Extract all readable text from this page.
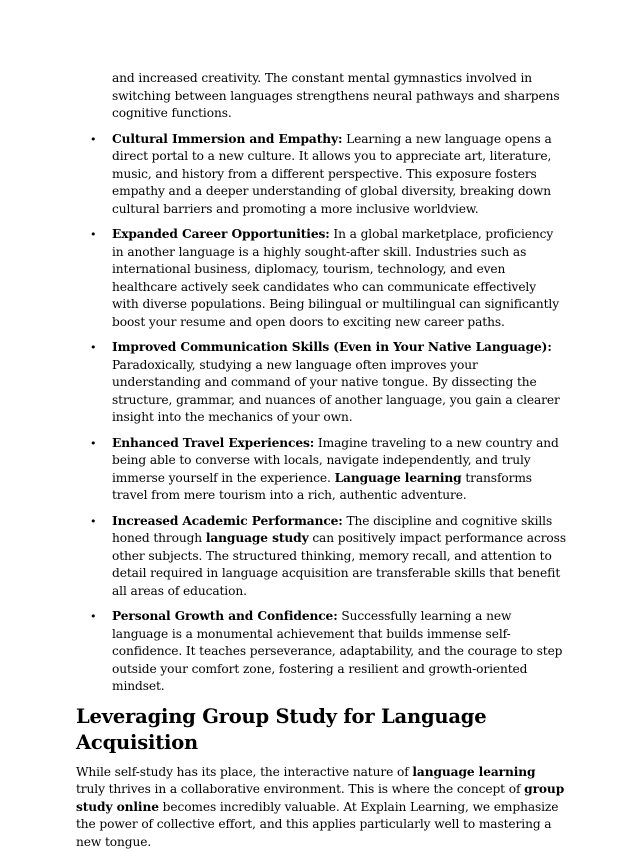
and increased creativity. The constant mental gymnastics involved in switching between languages strengthens neural pathways and sharpens cognitive functions.

• Cultural Immersion and Empathy: Learning a new language opens a direct portal to a new culture. It allows you to appreciate art, literature, music, and history from a different perspective. This exposure fosters empathy and a deeper understanding of global diversity, breaking down cultural barriers and promoting a more inclusive worldview.
• Expanded Career Opportunities: In a global marketplace, proficiency in another language is a highly sought-after skill. Industries such as international business, diplomacy, tourism, technology, and even healthcare actively seek candidates who can communicate effectively with diverse populations. Being bilingual or multilingual can significantly boost your resume and open doors to exciting new career paths.
• Improved Communication Skills (Even in Your Native Language): Paradoxically, studying a new language often improves your understanding and command of your native tongue. By dissecting the structure, grammar, and nuances of another language, you gain a clearer insight into the mechanics of your own.
• Enhanced Travel Experiences: Imagine traveling to a new country and being able to converse with locals, navigate independently, and truly immerse yourself in the experience. Language learning transforms travel from mere tourism into a rich, authentic adventure.
• Increased Academic Performance: The discipline and cognitive skills honed through language study can positively impact performance across other subjects. The structured thinking, memory recall, and attention to detail required in language acquisition are transferable skills that benefit all areas of education.
• Personal Growth and Confidence: Successfully learning a new language is a monumental achievement that builds immense self-confidence. It teaches perseverance, adaptability, and the courage to step outside your comfort zone, fostering a resilient and growth-oriented mindset.
Leveraging Group Study for Language Acquisition

While self-study has its place, the interactive nature of language learning truly thrives in a collaborative environment. This is where the concept of group study online becomes incredibly valuable. At Explain Learning, we emphasize the power of collective effort, and this applies particularly well to mastering a new tongue.
